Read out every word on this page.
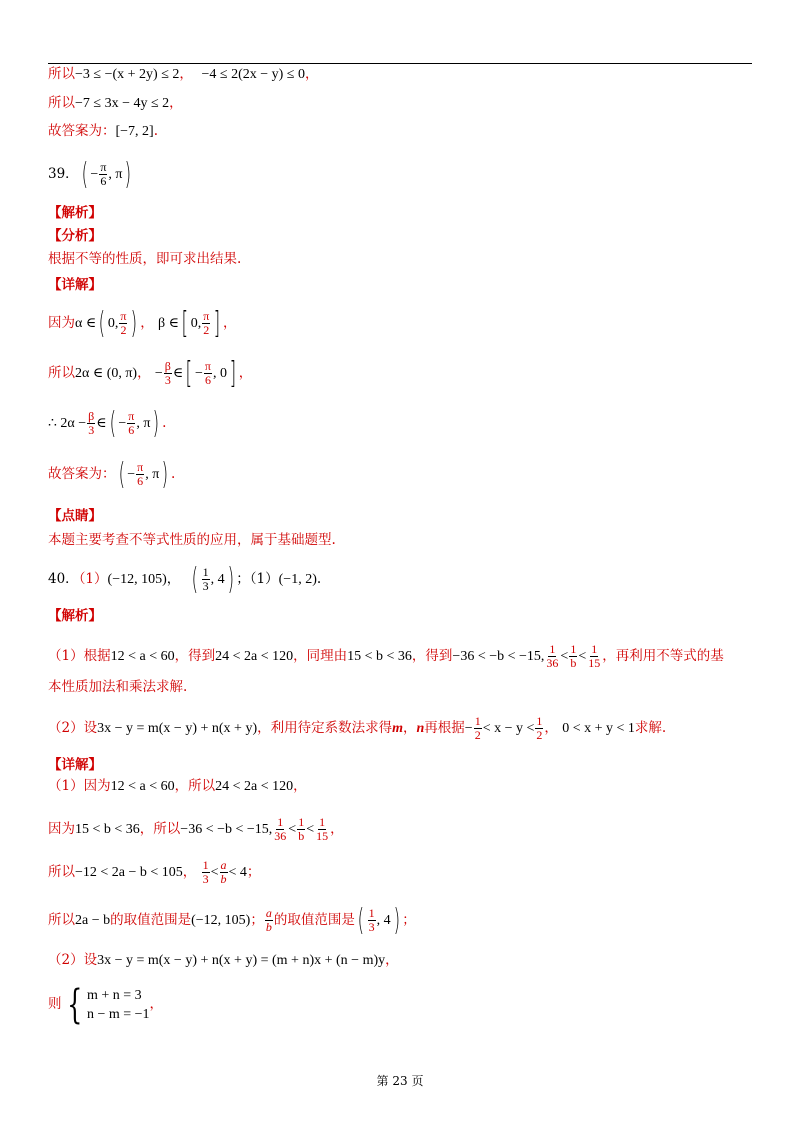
所以−3 ≤ −(x + 2y) ≤ 2， −4 ≤ 2(2x − y) ≤ 0，
所以−7 ≤ 3x − 4y ≤ 2，
故答案为：[−7, 2].
39．( − $\frac{\pi}{6}$ , π)
【解析】
【分析】
根据不等的性质，即可求出结果.
【详解】
因为α ∈( 0, $\frac{\pi}{2}$ ) ， β ∈[ 0, $\frac{\pi}{2}$ ] ，
所以2α ∈ (0, π)， − $\frac{\beta}{3}$ ∈[ − $\frac{\pi}{6}$ , 0] ，
∴ $2\alpha - \frac{\beta}{3}$ ∈( − $\frac{\pi}{6}$ , π) .
故答案为：( − $\frac{\pi}{6}$ , π) .
【点睛】
本题主要考查不等式性质的应用，属于基础题型.
40．（1）(−12, 105)， ( $\frac{1}{3}$ , 4) ；（1）(−1, 2).
【解析】
（1）根据12 < a < 60，得到24 < 2a < 120，同理由15 < b < 36，得到−36 < −b < −15, $\frac{1}{36} < \frac{1}{b} < \frac{1}{15}$ ，再利用不等式的基
本性质加法和乘法求解.
（2）设3x − y = m(x − y) + n(x + y)，利用待定系数法求得m，n再根据− $\frac{1}{2} < x - y < \frac{1}{2}$ ， 0 < x + y < 1求解.
【详解】
（1）因为12 < a < 60，所以24 < 2a < 120，
因为15 < b < 36，所以−36 < −b < −15, $\frac{1}{36} < \frac{1}{b} < \frac{1}{15}$ ，
所以−12 < 2a − b < 105， $\frac{1}{3} < \frac{a}{b} < 4$；
所以2a − b的取值范围是(−12, 105)； $\frac{a}{b}$ 的取值范围是( $\frac{1}{3}$ , 4) ；
（2）设3x − y = m(x − y) + n(x + y) = (m + n)x + (n − m)y，
则 { m + n = 3
n − m = −1
，
第 23 页
